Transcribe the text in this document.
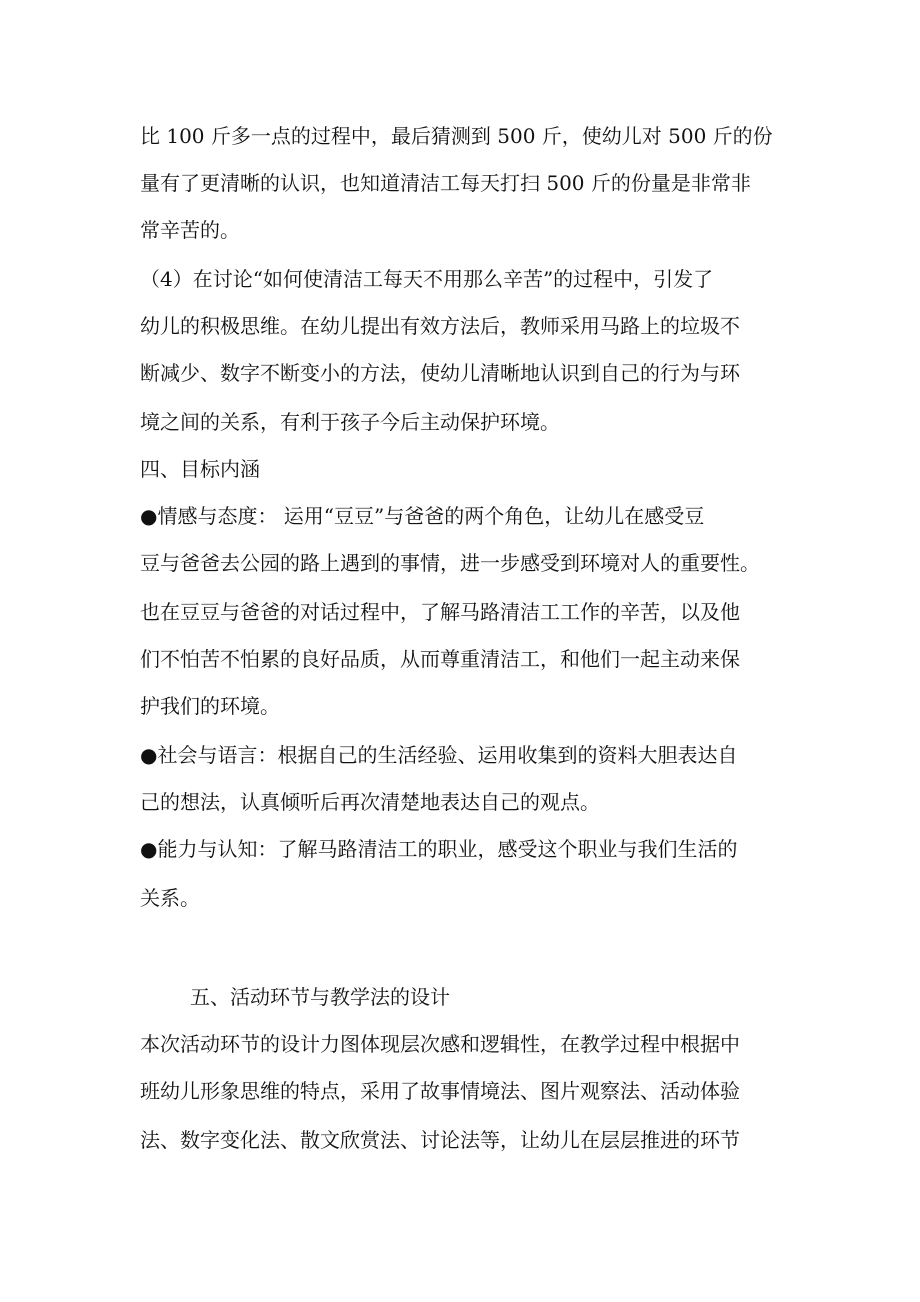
比 100 斤多一点的过程中，最后猜测到 500 斤，使幼儿对 500 斤的份
量有了更清晰的认识，也知道清洁工每天打扫 500 斤的份量是非常非
常辛苦的。
（4）在讨论“如何使清洁工每天不用那么辛苦”的过程中，引发了
幼儿的积极思维。在幼儿提出有效方法后，教师采用马路上的垃圾不
断减少、数字不断变小的方法，使幼儿清晰地认识到自己的行为与环
境之间的关系，有利于孩子今后主动保护环境。
四、目标内涵
●情感与态度： 运用“豆豆”与爸爸的两个角色，让幼儿在感受豆
豆与爸爸去公园的路上遇到的事情，进一步感受到环境对人的重要性。
也在豆豆与爸爸的对话过程中，了解马路清洁工工作的辛苦，以及他
们不怕苦不怕累的良好品质，从而尊重清洁工，和他们一起主动来保
护我们的环境。
●社会与语言：根据自己的生活经验、运用收集到的资料大胆表达自
己的想法，认真倾听后再次清楚地表达自己的观点。
●能力与认知：了解马路清洁工的职业，感受这个职业与我们生活的
关系。
五、活动环节与教学法的设计
本次活动环节的设计力图体现层次感和逻辑性，在教学过程中根据中
班幼儿形象思维的特点，采用了故事情境法、图片观察法、活动体验
法、数字变化法、散文欣赏法、讨论法等，让幼儿在层层推进的环节
